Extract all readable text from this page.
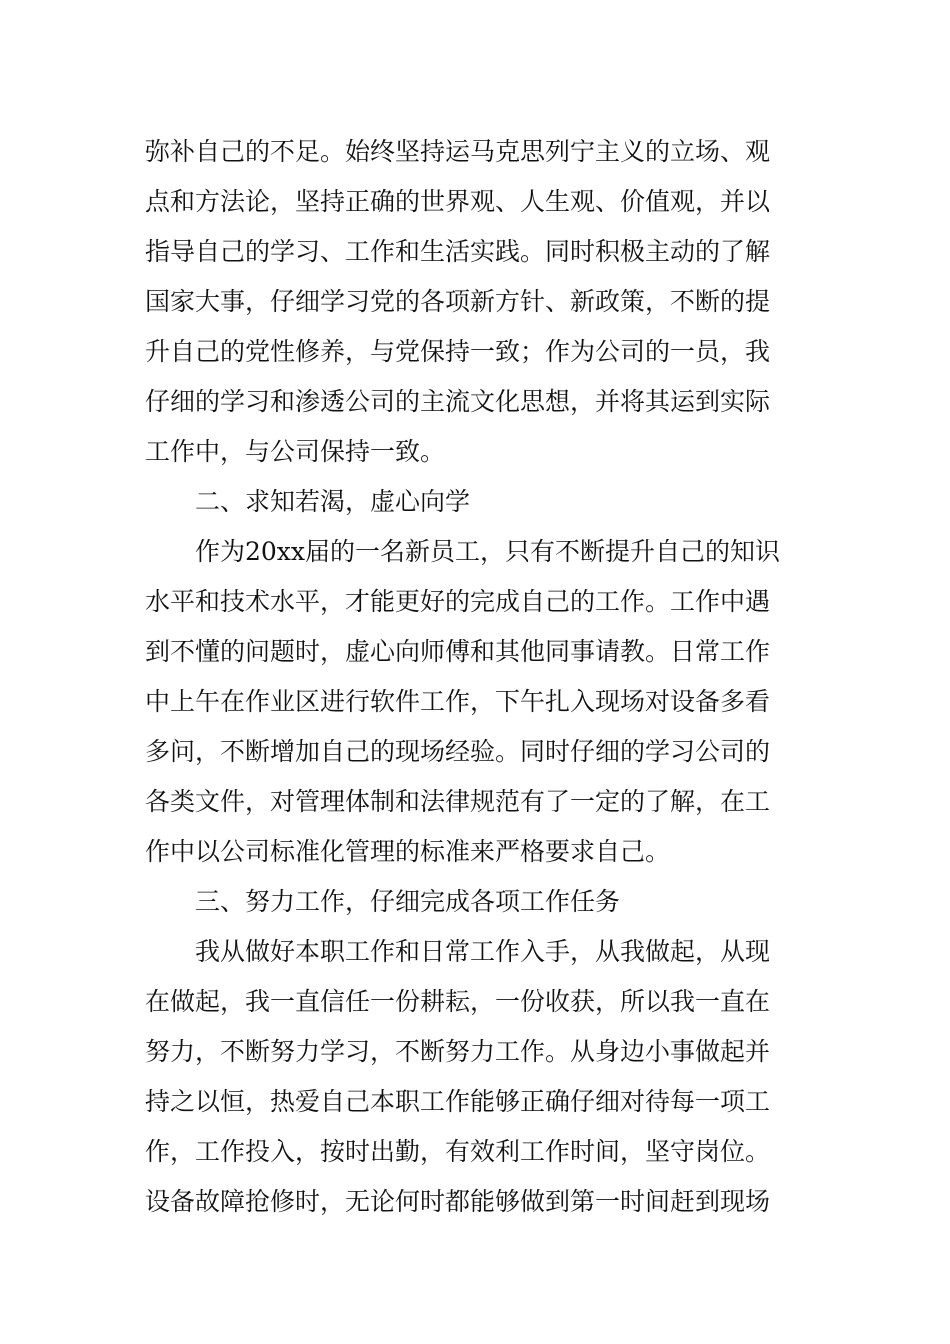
弥补自己的不足。始终坚持运马克思列宁主义的立场、观
点和方法论，坚持正确的世界观、人生观、价值观，并以
指导自己的学习、工作和生活实践。同时积极主动的了解
国家大事，仔细学习党的各项新方针、新政策，不断的提
升自己的党性修养，与党保持一致；作为公司的一员，我
仔细的学习和渗透公司的主流文化思想，并将其运到实际
工作中，与公司保持一致。
二、求知若渴，虚心向学
作为20xx届的一名新员工，只有不断提升自己的知识
水平和技术水平，才能更好的完成自己的工作。工作中遇
到不懂的问题时，虚心向师傅和其他同事请教。日常工作
中上午在作业区进行软件工作，下午扎入现场对设备多看
多问，不断增加自己的现场经验。同时仔细的学习公司的
各类文件，对管理体制和法律规范有了一定的了解，在工
作中以公司标准化管理的标准来严格要求自己。
三、努力工作，仔细完成各项工作任务
我从做好本职工作和日常工作入手，从我做起，从现
在做起，我一直信任一份耕耘，一份收获，所以我一直在
努力，不断努力学习，不断努力工作。从身边小事做起并
持之以恒，热爱自己本职工作能够正确仔细对待每一项工
作，工作投入，按时出勤，有效利工作时间，坚守岗位。
设备故障抢修时，无论何时都能够做到第一时间赶到现场
